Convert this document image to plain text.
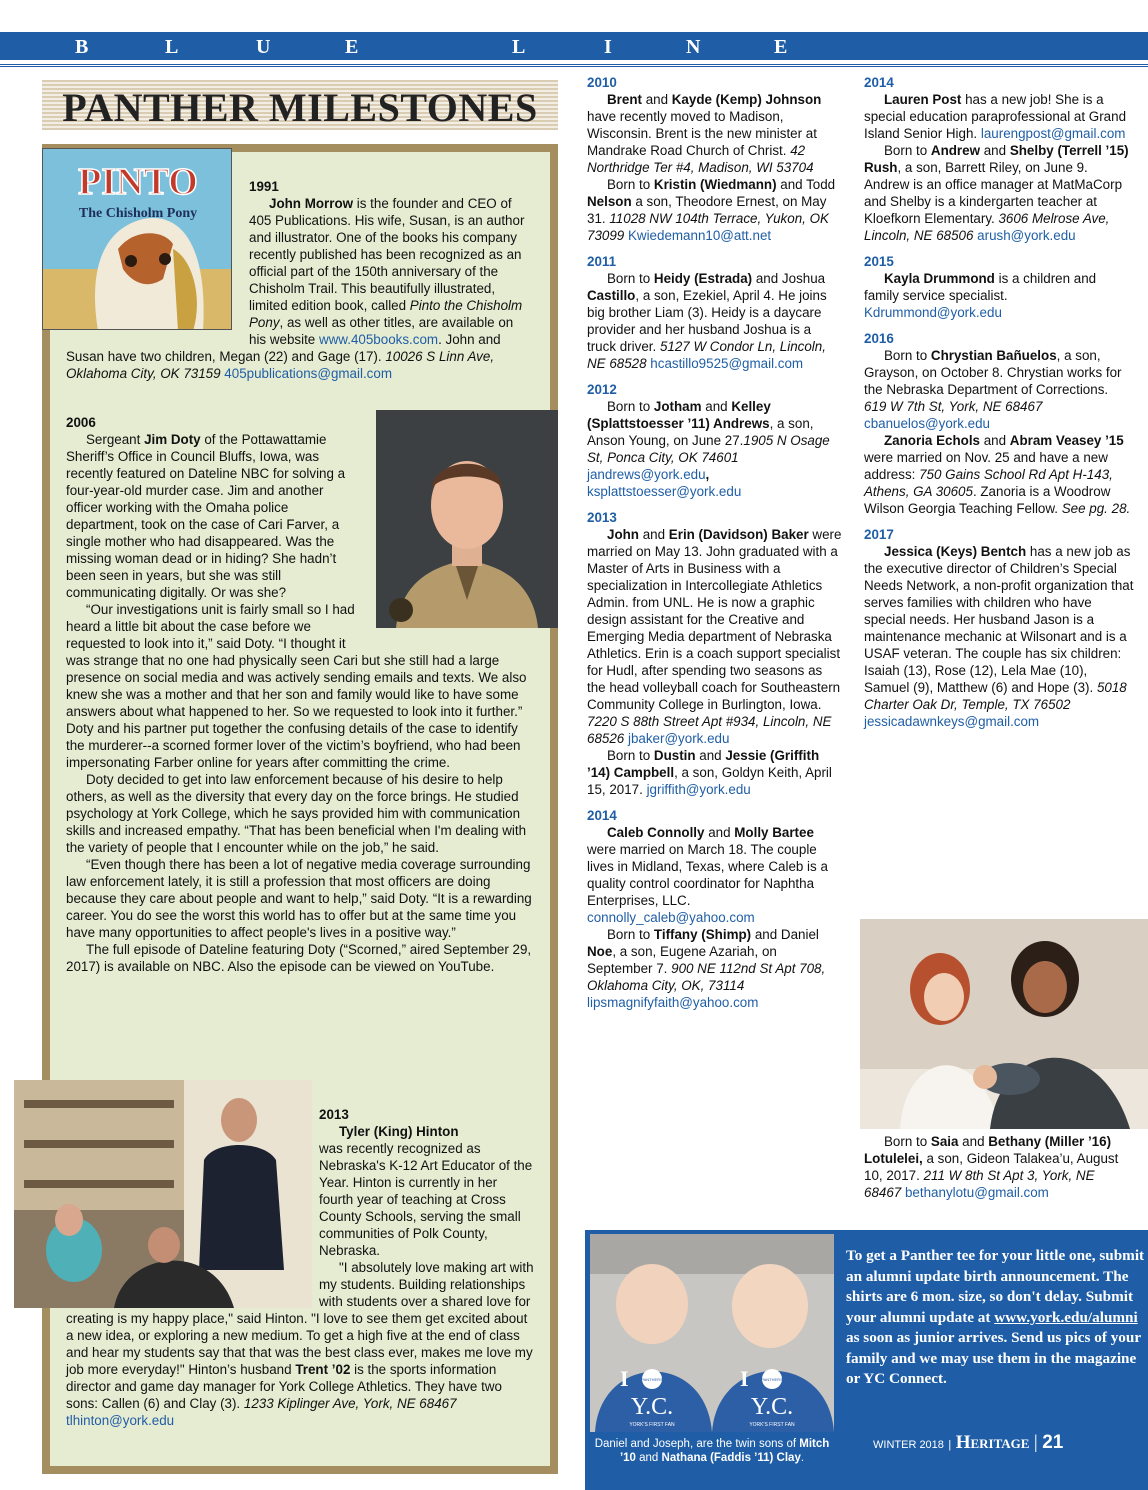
B	L	U	E	L	I	N	E
PANTHER MILESTONES
PINTO
The Chisholm Pony
1991

John Morrow is the founder and CEO of 405 Publications. His wife, Susan, is an author and illustrator. One of the books his company recently published has been recognized as an official part of the 150th anniversary of the Chisholm Trail. This beautifully illustrated, limited edition book, called Pinto the Chisholm Pony, as well as other titles, are available on his website www.405books.com. John and Susan have two children, Megan (22) and Gage (17). 10026 S Linn Ave, Oklahoma City, OK 73159 405publications@gmail.com

2006

Sergeant Jim Doty of the Pottawattamie Sheriff’s Office in Council Bluffs, Iowa, was recently featured on Dateline NBC for solving a four-year-old murder case. Jim and another officer working with the Omaha police department, took on the case of Cari Farver, a single mother who had disappeared. Was the missing woman dead or in hiding? She hadn’t been seen in years, but she was still communicating digitally. Or was she?

“Our investigations unit is fairly small so I had heard a little bit about the case before we requested to look into it,” said Doty. “I thought it was strange that no one had physically seen Cari but she still had a large presence on social media and was actively sending emails and texts. We also knew she was a mother and that her son and family would like to have some answers about what happened to her. So we requested to look into it further.” Doty and his partner put together the confusing details of the case to identify the murderer--a scorned former lover of the victim’s boyfriend, who had been impersonating Farber online for years after committing the crime.

Doty decided to get into law enforcement because of his desire to help others, as well as the diversity that every day on the force brings. He studied psychology at York College, which he says provided him with communication skills and increased empathy. “That has been beneficial when I'm dealing with the variety of people that I encounter while on the job,” he said.

“Even though there has been a lot of negative media coverage surrounding law enforcement lately, it is still a profession that most officers are doing because they care about people and want to help,” said Doty. “It is a rewarding career. You do see the worst this world has to offer but at the same time you have many opportunities to affect people's lives in a positive way.”

The full episode of Dateline featuring Doty (“Scorned,” aired September 29, 2017) is available on NBC. Also the episode can be viewed on YouTube.

2013

Tyler (King) Hinton

was recently recognized as Nebraska's K-12 Art Educator of the Year. Hinton is currently in her fourth year of teaching at Cross County Schools, serving the small communities of Polk County, Nebraska.

"I absolutely love making art with my students. Building relationships with students over a shared love for creating is my happy place," said Hinton. "I love to see them get excited about a new idea, or exploring a new medium. To get a high five at the end of class and hear my students say that that was the best class ever, makes me love my job more everyday!" Hinton’s husband Trent ’02 is the sports information director and game day manager for York College Athletics. They have two sons: Callen (6) and Clay (3). 1233 Kiplinger Ave, York, NE 68467 tlhinton@york.edu

2010

Brent and Kayde (Kemp) Johnson have recently moved to Madison, Wisconsin. Brent is the new minister at Mandrake Road Church of Christ. 42 Northridge Ter #4, Madison, WI 53704

Born to Kristin (Wiedmann) and Todd Nelson a son, Theodore Ernest, on May 31. 11028 NW 104th Terrace, Yukon, OK 73099 Kwiedemann10@att.net

2011

Born to Heidy (Estrada) and Joshua Castillo, a son, Ezekiel, April 4. He joins big brother Liam (3). Heidy is a daycare provider and her husband Joshua is a truck driver. 5127 W Condor Ln, Lincoln, NE 68528 hcastillo9525@gmail.com

2012

Born to Jotham and Kelley (Splattstoesser ’11) Andrews, a son, Anson Young, on June 27.1905 N Osage St, Ponca City, OK 74601 jandrews@york.edu, ksplattstoesser@york.edu

2013

John and Erin (Davidson) Baker were married on May 13. John graduated with a Master of Arts in Business with a specialization in Intercollegiate Athletics Admin. from UNL. He is now a graphic design assistant for the Creative and Emerging Media department of Nebraska Athletics. Erin is a coach support specialist for Hudl, after spending two seasons as the head volleyball coach for Southeastern Community College in Burlington, Iowa. 7220 S 88th Street Apt #934, Lincoln, NE 68526 jbaker@york.edu

Born to Dustin and Jessie (Griffith ’14) Campbell, a son, Goldyn Keith, April 15, 2017. jgriffith@york.edu

2014

Caleb Connolly and Molly Bartee were married on March 18. The couple lives in Midland, Texas, where Caleb is a quality control coordinator for Naphtha Enterprises, LLC. connolly_caleb@yahoo.com

Born to Tiffany (Shimp) and Daniel Noe, a son, Eugene Azariah, on September 7. 900 NE 112nd St Apt 708, Oklahoma City, OK, 73114 lipsmagnifyfaith@yahoo.com

2014

Lauren Post has a new job! She is a special education paraprofessional at Grand Island Senior High. laurengpost@gmail.com

Born to Andrew and Shelby (Terrell ’15) Rush, a son, Barrett Riley, on June 9. Andrew is an office manager at MatMaCorp and Shelby is a kindergarten teacher at Kloefkorn Elementary. 3606 Melrose Ave, Lincoln, NE 68506 arush@york.edu

2015

Kayla Drummond is a children and family service specialist. Kdrummond@york.edu

2016

Born to Chrystian Bañuelos, a son, Grayson, on October 8. Chrystian works for the Nebraska Department of Corrections. 619 W 7th St, York, NE 68467 cbanuelos@york.edu

Zanoria Echols and Abram Veasey ’15 were married on Nov. 25 and have a new address: 750 Gains School Rd Apt H-143, Athens, GA 30605. Zanoria is a Woodrow Wilson Georgia Teaching Fellow. See pg. 28.

2017

Jessica (Keys) Bentch has a new job as the executive director of Children’s Special Needs Network, a non-profit organization that serves families with children who have special needs. Her husband Jason is a maintenance mechanic at Wilsonart and is a USAF veteran. The couple has six children: Isaiah (13), Rose (12), Lela Mae (10), Samuel (9), Matthew (6) and Hope (3). 5018 Charter Oak Dr, Temple, TX 76502 jessicadawnkeys@gmail.com

Born to Saia and Bethany (Miller ’16) Lotulelei, a son, Gideon Talakea’u, August 10, 2017. 211 W 8th St Apt 3, York, NE 68467 bethanylotu@gmail.com

I	I
PANTHERS	PANTHERS
Y.C.	Y.C.
YORK'S FIRST FAN	YORK'S FIRST FAN
Daniel and Joseph, are the twin sons of Mitch ’10 and Nathana (Faddis ’11) Clay.
To get a Panther tee for your little one, submit an alumni update birth announcement. The shirts are 6 mon. size, so don't delay. Submit your alumni update at www.york.edu/alumni as soon as junior arrives. Send us pics of your family and we may use them in the magazine or YC Connect.
WINTER 2018 | Heritage | 21
